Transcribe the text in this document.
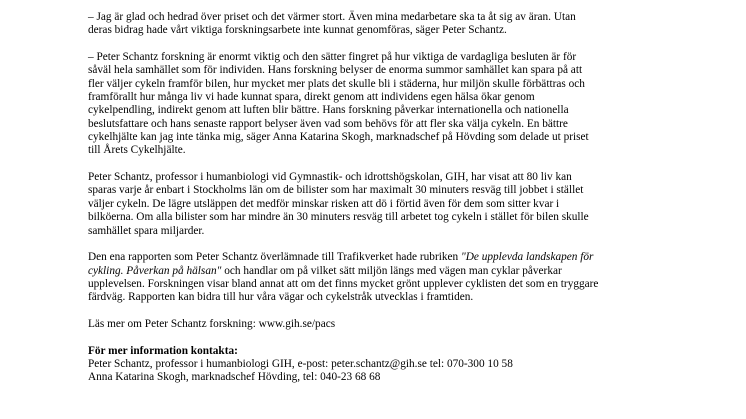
– Jag är glad och hedrad över priset och det värmer stort. Även mina medarbetare ska ta åt sig av äran. Utan
deras bidrag hade vårt viktiga forskningsarbete inte kunnat genomföras, säger Peter Schantz.

– Peter Schantz forskning är enormt viktig och den sätter fingret på hur viktiga de vardagliga besluten är för
såväl hela samhället som för individen. Hans forskning belyser de enorma summor samhället kan spara på att
fler väljer cykeln framför bilen, hur mycket mer plats det skulle bli i städerna, hur miljön skulle förbättras och
framförallt hur många liv vi hade kunnat spara, direkt genom att individens egen hälsa ökar genom
cykelpendling, indirekt genom att luften blir bättre. Hans forskning påverkar internationella och nationella
beslutsfattare och hans senaste rapport belyser även vad som behövs för att fler ska välja cykeln. En bättre
cykelhjälte kan jag inte tänka mig, säger Anna Katarina Skogh, marknadschef på Hövding som delade ut priset
till Årets Cykelhjälte.

Peter Schantz, professor i humanbiologi vid Gymnastik- och idrottshögskolan, GIH, har visat att 80 liv kan
sparas varje år enbart i Stockholms län om de bilister som har maximalt 30 minuters resväg till jobbet i stället
väljer cykeln. De lägre utsläppen det medför minskar risken att dö i förtid även för dem som sitter kvar i
bilköerna. Om alla bilister som har mindre än 30 minuters resväg till arbetet tog cykeln i stället för bilen skulle
samhället spara miljarder.

Den ena rapporten som Peter Schantz överlämnade till Trafikverket hade rubriken "De upplevda landskapen för
cykling. Påverkan på hälsan" och handlar om på vilket sätt miljön längs med vägen man cyklar påverkar
upplevelsen. Forskningen visar bland annat att om det finns mycket grönt upplever cyklisten det som en tryggare
färdväg. Rapporten kan bidra till hur våra vägar och cykelstråk utvecklas i framtiden.

Läs mer om Peter Schantz forskning: www.gih.se/pacs

För mer information kontakta:
Peter Schantz, professor i humanbiologi GIH, e-post: peter.schantz@gih.se tel: 070-300 10 58
Anna Katarina Skogh, marknadschef Hövding, tel: 040-23 68 68
